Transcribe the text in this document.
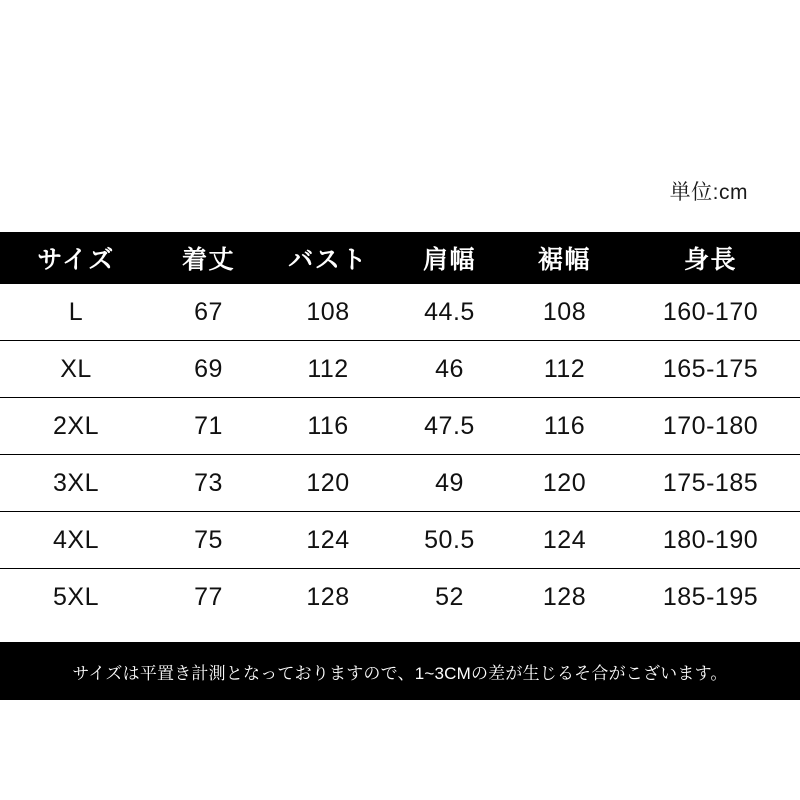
単位:cm
サイズ	着丈	バスト	肩幅	裾幅	身長
L	67	108	44.5	108	160-170
XL	69	112	46	112	165-175
2XL	71	116	47.5	116	170-180
3XL	73	120	49	120	175-185
4XL	75	124	50.5	124	180-190
5XL	77	128	52	128	185-195
サイズは平置き計測となっておりますので、1~3CMの差が生じるそ合がこざいます。
